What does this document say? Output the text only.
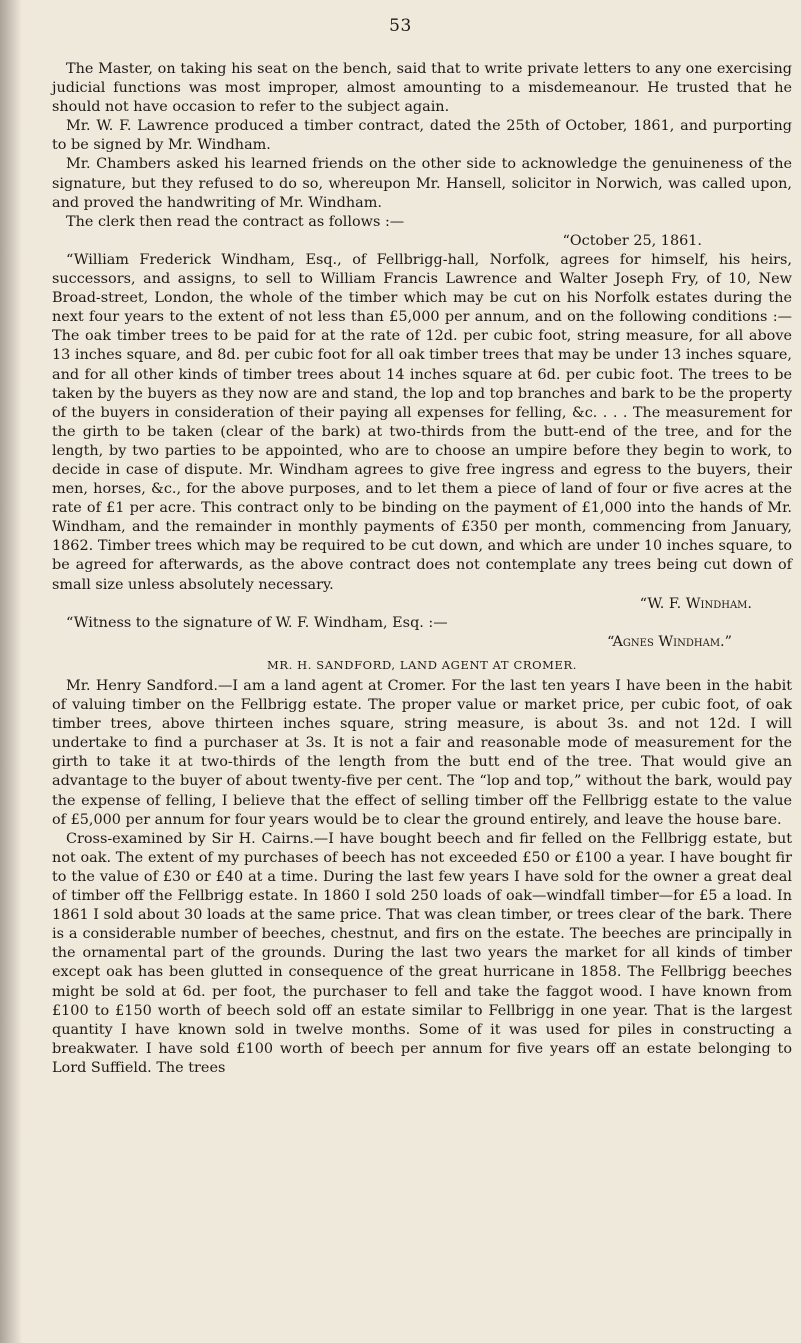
53

The Master, on taking his seat on the bench, said that to write private letters to any one exercising judicial functions was most improper, almost amounting to a misdemeanour. He trusted that he should not have occasion to refer to the subject again.

Mr. W. F. Lawrence produced a timber contract, dated the 25th of October, 1861, and purporting to be signed by Mr. Windham.

Mr. Chambers asked his learned friends on the other side to acknowledge the genuineness of the signature, but they refused to do so, whereupon Mr. Hansell, solicitor in Norwich, was called upon, and proved the handwriting of Mr. Windham.

The clerk then read the contract as follows :—

“October 25, 1861.

“William Frederick Windham, Esq., of Fellbrigg-hall, Norfolk, agrees for himself, his heirs, successors, and assigns, to sell to William Francis Lawrence and Walter Joseph Fry, of 10, New Broad-street, London, the whole of the timber which may be cut on his Norfolk estates during the next four years to the extent of not less than £5,000 per annum, and on the following conditions :—The oak timber trees to be paid for at the rate of 12d. per cubic foot, string measure, for all above 13 inches square, and 8d. per cubic foot for all oak timber trees that may be under 13 inches square, and for all other kinds of timber trees about 14 inches square at 6d. per cubic foot. The trees to be taken by the buyers as they now are and stand, the lop and top branches and bark to be the property of the buyers in consideration of their paying all expenses for felling, &c. . . . The measurement for the girth to be taken (clear of the bark) at two-thirds from the butt-end of the tree, and for the length, by two parties to be appointed, who are to choose an umpire before they begin to work, to decide in case of dispute. Mr. Windham agrees to give free ingress and egress to the buyers, their men, horses, &c., for the above purposes, and to let them a piece of land of four or five acres at the rate of £1 per acre. This contract only to be binding on the payment of £1,000 into the hands of Mr. Windham, and the remainder in monthly payments of £350 per month, commencing from January, 1862. Timber trees which may be required to be cut down, and which are under 10 inches square, to be agreed for afterwards, as the above contract does not contemplate any trees being cut down of small size unless absolutely necessary.

“W. F. Windham.

“Witness to the signature of W. F. Windham, Esq. :—

“Agnes Windham.”

MR. H. SANDFORD, LAND AGENT AT CROMER.

Mr. Henry Sandford.—I am a land agent at Cromer. For the last ten years I have been in the habit of valuing timber on the Fellbrigg estate. The proper value or market price, per cubic foot, of oak timber trees, above thirteen inches square, string measure, is about 3s. and not 12d. I will undertake to find a purchaser at 3s. It is not a fair and reasonable mode of measurement for the girth to take it at two-thirds of the length from the butt end of the tree. That would give an advantage to the buyer of about twenty-five per cent. The “lop and top,” without the bark, would pay the expense of felling, I believe that the effect of selling timber off the Fellbrigg estate to the value of £5,000 per annum for four years would be to clear the ground entirely, and leave the house bare.

Cross-examined by Sir H. Cairns.—I have bought beech and fir felled on the Fellbrigg estate, but not oak. The extent of my purchases of beech has not exceeded £50 or £100 a year. I have bought fir to the value of £30 or £40 at a time. During the last few years I have sold for the owner a great deal of timber off the Fellbrigg estate. In 1860 I sold 250 loads of oak—windfall timber—for £5 a load. In 1861 I sold about 30 loads at the same price. That was clean timber, or trees clear of the bark. There is a considerable number of beeches, chestnut, and firs on the estate. The beeches are principally in the ornamental part of the grounds. During the last two years the market for all kinds of timber except oak has been glutted in consequence of the great hurricane in 1858. The Fellbrigg beeches might be sold at 6d. per foot, the purchaser to fell and take the faggot wood. I have known from £100 to £150 worth of beech sold off an estate similar to Fellbrigg in one year. That is the largest quantity I have known sold in twelve months. Some of it was used for piles in constructing a breakwater. I have sold £100 worth of beech per annum for five years off an estate belonging to Lord Suffield. The trees
